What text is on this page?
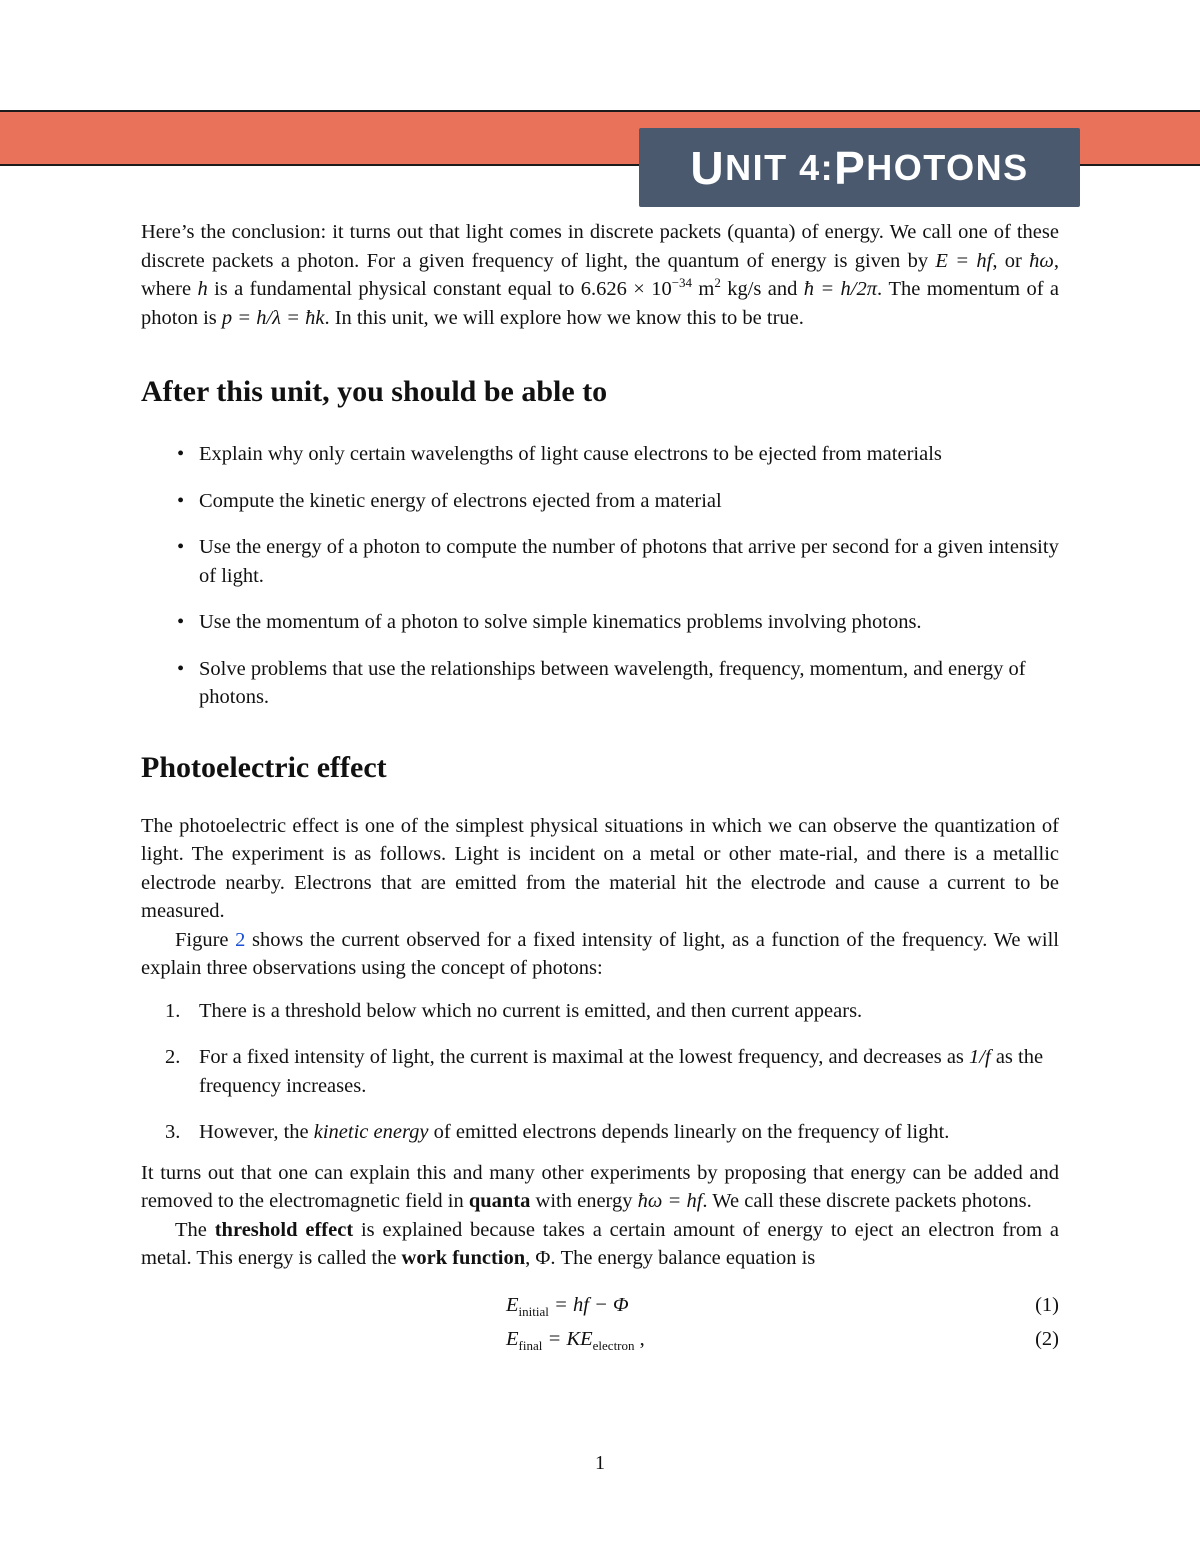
U NIT 4: P HOTONS

Here’s the conclusion: it turns out that light comes in discrete packets (quanta) of energy. We call one of these discrete packets a photon. For a given frequency of light, the quantum of energy is given by E = hf, or ħω, where h is a fundamental physical constant equal to $6.626 \times 10^{-34}$ $m^2$ kg/s and ħ = h/2π. The momentum of a photon is p = h/λ = ħk. In this unit, we will explore how we know this to be true.

After this unit, you should be able to
• Explain why only certain wavelengths of light cause electrons to be ejected from materials
• Compute the kinetic energy of electrons ejected from a material
• Use the energy of a photon to compute the number of photons that arrive per second for a given intensity of light.
• Use the momentum of a photon to solve simple kinematics problems involving photons.
• Solve problems that use the relationships between wavelength, frequency, momentum, and energy of photons.
Photoelectric effect

The photoelectric effect is one of the simplest physical situations in which we can observe the quantization of light. The experiment is as follows. Light is incident on a metal or other mate-rial, and there is a metallic electrode nearby. Electrons that are emitted from the material hit the electrode and cause a current to be measured.

Figure 2 shows the current observed for a fixed intensity of light, as a function of the frequency. We will explain three observations using the concept of photons:

1. There is a threshold below which no current is emitted, and then current appears.
2. For a fixed intensity of light, the current is maximal at the lowest frequency, and decreases as 1/f as the frequency increases.
3. However, the kinetic energy of emitted electrons depends linearly on the frequency of light.

It turns out that one can explain this and many other experiments by proposing that energy can be added and removed to the electromagnetic field in quanta with energy ħω = hf. We call these discrete packets photons.

The threshold effect is explained because takes a certain amount of energy to eject an electron from a metal. This energy is called the work function, Φ. The energy balance equation is

$E_{initial}$ = hf − Φ	(1)
$E_{final} = KE_{electron}$ ,	(2)
1
